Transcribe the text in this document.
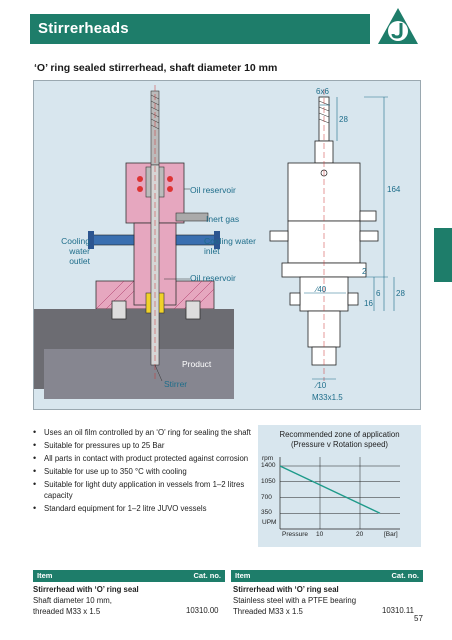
Stirrerheads
‘O’ ring sealed stirrerhead, shaft diameter 10 mm
Oil reservoir
Inert gas
Cooling water outlet
Cooling water inlet
Oil reservoir
Product
Stirrer
6x6
28
164
2
∕40
16
6 28
∕10
M33x1.5
• Uses an oil film controlled by an ‘O’ ring for sealing the shaft
• Suitable for pressures up to 25 Bar
• All parts in contact with product protected against corrosion
• Suitable for use up to 350 °C with cooling
• Suitable for light duty application in vessels from 1–2 litres capacity
• Standard equipment for 1–2 litre JUVO vessels
Recommended zone of application
(Pressure v Rotation speed)
rpm
1400
1050
700
350
UPM
Pressure 10	20	[Bar]
Item	Cat. no.
Stirrerhead with ‘O’ ring seal
Shaft diameter 10 mm,
threaded M33 x 1.5	10310.00
Item	Cat. no.
Stirrerhead with ‘O’ ring seal
Stainless steel with a PTFE bearing
Threaded M33 x 1.5	10310.11
57
